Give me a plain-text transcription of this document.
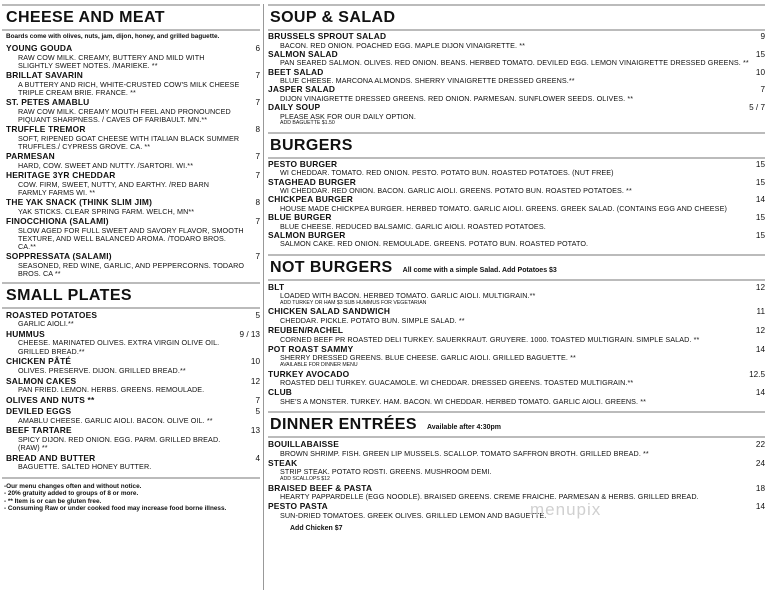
CHEESE AND MEAT
Boards come with olives, nuts, jam, dijon, honey, and grilled baguette.
YOUNG GOUDA	6
RAW COW MILK. CREAMY, BUTTERY AND MILD WITH
SLIGHTLY SWEET NOTES. /MARIEKE. **
BRILLAT SAVARIN	7
A BUTTERY AND RICH, WHITE-CRUSTED COW'S MILK CHEESE
TRIPLE CREAM BRIE. FRANCE. **
ST. PETES AMABLU	7
RAW COW MILK. CREAMY MOUTH FEEL AND PRONOUNCED
PIQUANT SHARPNESS. / CAVES OF FARIBAULT. MN.**
TRUFFLE TREMOR	8
SOFT, RIPENED GOAT CHEESE WITH ITALIAN BLACK SUMMER
TRUFFLES./ CYPRESS GROVE. CA. **
PARMESAN	7
HARD, COW. SWEET AND NUTTY. /SARTORI. WI.**
HERITAGE 3YR CHEDDAR	7
COW. FIRM, SWEET, NUTTY, AND EARTHY. /RED BARN
FARMLY FARMS WI. **
THE YAK SNACK (THINK SLIM JIM)	8
YAK STICKS. CLEAR SPRING FARM. WELCH, MN**
FINOCCHIONA (SALAMI)	7
SLOW AGED FOR FULL SWEET AND SAVORY FLAVOR, SMOOTH
TEXTURE, AND WELL BALANCED AROMA. /TODARO BROS.
CA.**
SOPPRESSATA (SALAMI)	7
SEASONED, RED WINE, GARLIC, AND PEPPERCORNS. TODARO
BROS. CA **
SMALL PLATES
ROASTED POTATOES	5
GARLIC AIOLI.**
HUMMUS	9 / 13
CHEESE. MARINATED OLIVES. EXTRA VIRGIN OLIVE OIL.
GRILLED BREAD.**
CHICKEN PÂTÉ	10
OLIVES. PRESERVE. DIJON. GRILLED BREAD.**
SALMON CAKES	12
PAN FRIED. LEMON. HERBS. GREENS. REMOULADE.
OLIVES AND NUTS **	7
DEVILED EGGS	5
AMABLU CHEESE. GARLIC AIOLI. BACON. OLIVE OIL. **
BEEF TARTARE	13
SPICY DIJON. RED ONION. EGG. PARM. GRILLED BREAD.
(RAW) **
BREAD AND BUTTER	4
BAGUETTE. SALTED HONEY BUTTER.
-Our menu changes often and without notice.
- 20% gratuity added to groups of 8 or more.
- ** Item is or can be gluten free.
- Consuming Raw or under cooked food may increase food borne illness.
SOUP & SALAD
BRUSSELS SPROUT SALAD	9
BACON. RED ONION. POACHED EGG. MAPLE DIJON VINAIGRETTE. **
SALMON SALAD	15
PAN SEARED SALMON. OLIVES. RED ONION. BEANS. HERBED TOMATO. DEVILED EGG. LEMON VINAIGRETTE DRESSED GREENS. **
BEET SALAD	10
BLUE CHEESE. MARCONA ALMONDS. SHERRY VINAIGRETTE DRESSED GREENS.**
JASPER SALAD	7
DIJON VINAIGRETTE DRESSED GREENS. RED ONION. PARMESAN. SUNFLOWER SEEDS. OLIVES. **
DAILY SOUP	5 / 7
PLEASE ASK FOR OUR DAILY OPTION.
ADD BAGUETTE $1.50
BURGERS
PESTO BURGER	15
WI CHEDDAR. TOMATO. RED ONION. PESTO. POTATO BUN. ROASTED POTATOES. (NUT FREE)
STAGHEAD BURGER	15
WI CHEDDAR. RED ONION. BACON. GARLIC AIOLI. GREENS. POTATO BUN. ROASTED POTATOES. **
CHICKPEA BURGER	14
HOUSE MADE CHICKPEA BURGER. HERBED TOMATO. GARLIC AIOLI. GREENS. GREEK SALAD. (CONTAINS EGG AND CHEESE)
BLUE BURGER	15
BLUE CHEESE. REDUCED BALSAMIC. GARLIC AIOLI. ROASTED POTATOES.
SALMON BURGER	15
SALMON CAKE. RED ONION. REMOULADE. GREENS. POTATO BUN. ROASTED POTATO.
NOT BURGERS All come with a simple Salad. Add Potatoes $3
BLT	12
LOADED WITH BACON. HERBED TOMATO. GARLIC AIOLI. MULTIGRAIN.**
ADD TURKEY OR HAM $3 SUB HUMMUS FOR VEGETARIAN
CHICKEN SALAD SANDWICH	11
CHEDDAR. PICKLE. POTATO BUN. SIMPLE SALAD. **
REUBEN/RACHEL	12
CORNED BEEF PR ROASTED DELI TURKEY. SAUERKRAUT. GRUYERE. 1000. TOASTED MULTIGRAIN. SIMPLE SALAD. **
POT ROAST SAMMY	14
SHERRY DRESSED GREENS. BLUE CHEESE. GARLIC AIOLI. GRILLED BAGUETTE. **
AVAILABLE FOR DINNER MENU
TURKEY AVOCADO	12.5
ROASTED DELI TURKEY. GUACAMOLE. WI CHEDDAR. DRESSED GREENS. TOASTED MULTIGRAIN.**
CLUB	14
SHE'S A MONSTER. TURKEY. HAM. BACON. WI CHEDDAR. HERBED TOMATO. GARLIC AIOLI. GREENS. **
DINNER ENTRÉES Available after 4:30pm
BOUILLABAISSE	22
BROWN SHRIMP. FISH. GREEN LIP MUSSELS. SCALLOP. TOMATO SAFFRON BROTH. GRILLED BREAD. **
STEAK	24
STRIP STEAK. POTATO ROSTI. GREENS. MUSHROOM DEMI.
ADD SCALLOPS $12
BRAISED BEEF & PASTA	18
HEARTY PAPPARDELLE (EGG NOODLE). BRAISED GREENS. CREME FRAICHE. PARMESAN & HERBS. GRILLED BREAD.
PESTO PASTA	14
SUN-DRIED TOMATOES. GREEK OLIVES. GRILLED LEMON AND BAGUETTE.
Add Chicken $7
menupix
